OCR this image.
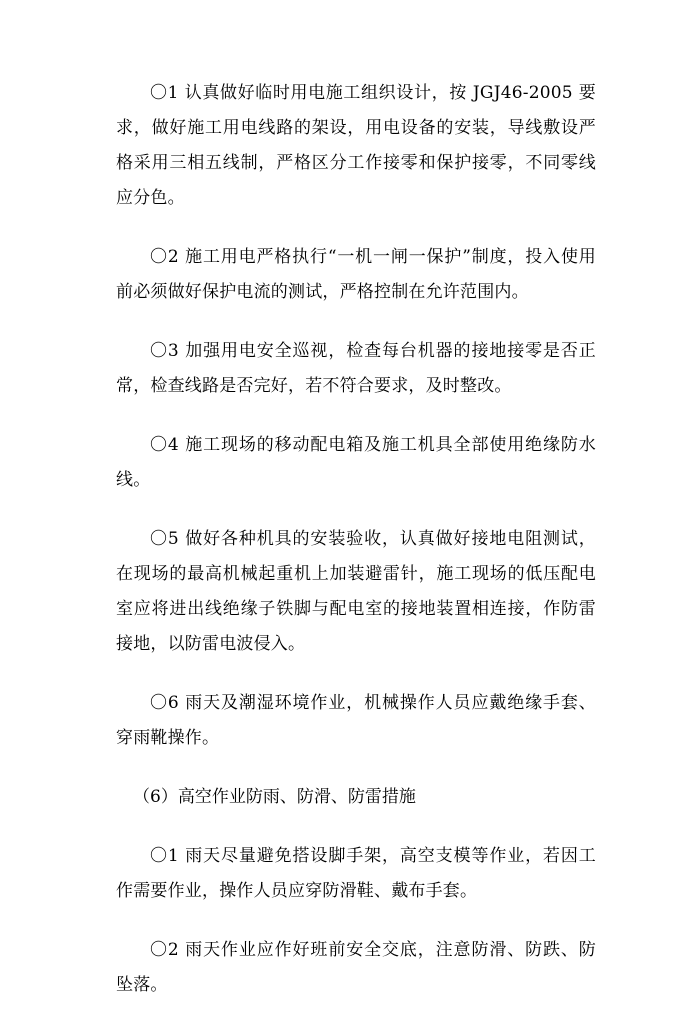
〇1 认真做好临时用电施工组织设计，按 JGJ46-2005 要求，做好施工用电线路的架设，用电设备的安装，导线敷设严格采用三相五线制，严格区分工作接零和保护接零，不同零线应分色。

〇2 施工用电严格执行“一机一闸一保护”制度，投入使用前必须做好保护电流的测试，严格控制在允许范围内。

〇3 加强用电安全巡视，检查每台机器的接地接零是否正常，检查线路是否完好，若不符合要求，及时整改。

〇4 施工现场的移动配电箱及施工机具全部使用绝缘防水线。

〇5 做好各种机具的安装验收，认真做好接地电阻测试，在现场的最高机械起重机上加装避雷针，施工现场的低压配电室应将进出线绝缘子铁脚与配电室的接地装置相连接，作防雷接地，以防雷电波侵入。

〇6 雨天及潮湿环境作业，机械操作人员应戴绝缘手套、穿雨靴操作。

（6）高空作业防雨、防滑、防雷措施

〇1 雨天尽量避免搭设脚手架，高空支模等作业，若因工作需要作业，操作人员应穿防滑鞋、戴布手套。

〇2 雨天作业应作好班前安全交底，注意防滑、防跌、防坠落。
